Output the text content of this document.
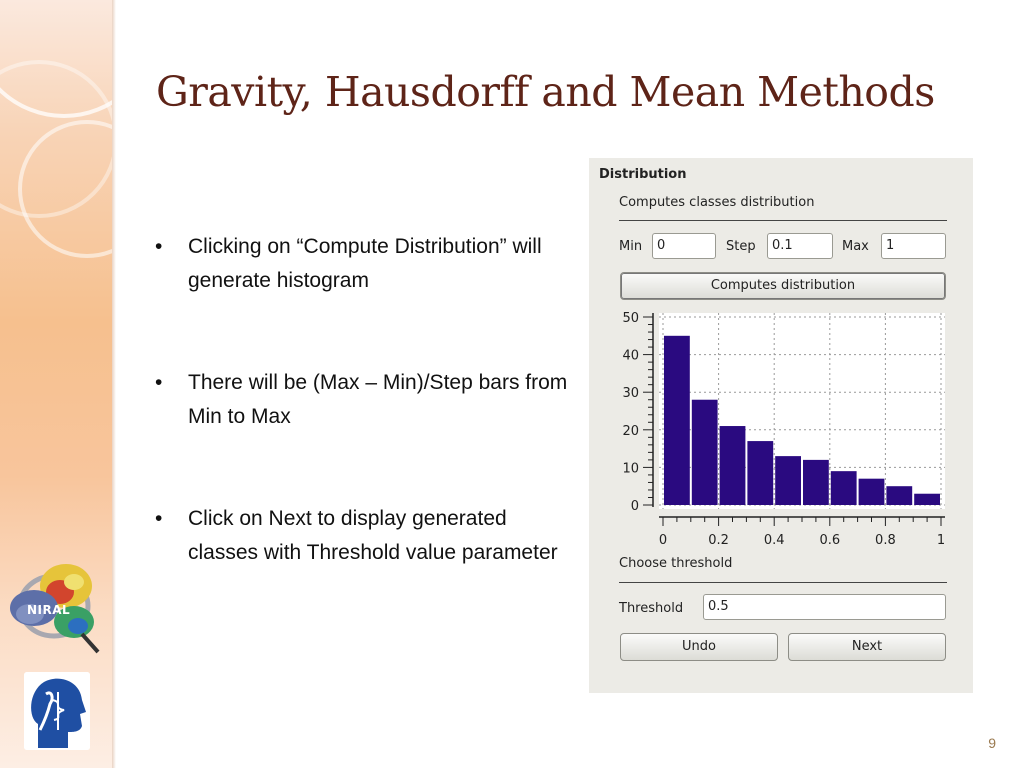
NIRAL
Gravity, Hausdorff and Mean Methods
• Clicking on “Compute Distribution” will generate histogram
• There will be (Max – Min)/Step bars from Min to Max
• Click on Next to display generated classes with Threshold value parameter
9
Distribution
Computes classes distribution
Min	0	Step	0.1	Max	1
Computes distribution
0
10
20
30
40
50
0	0.2	0.4	0.6	0.8	1
Choose threshold
Threshold	0.5
Undo	Next
